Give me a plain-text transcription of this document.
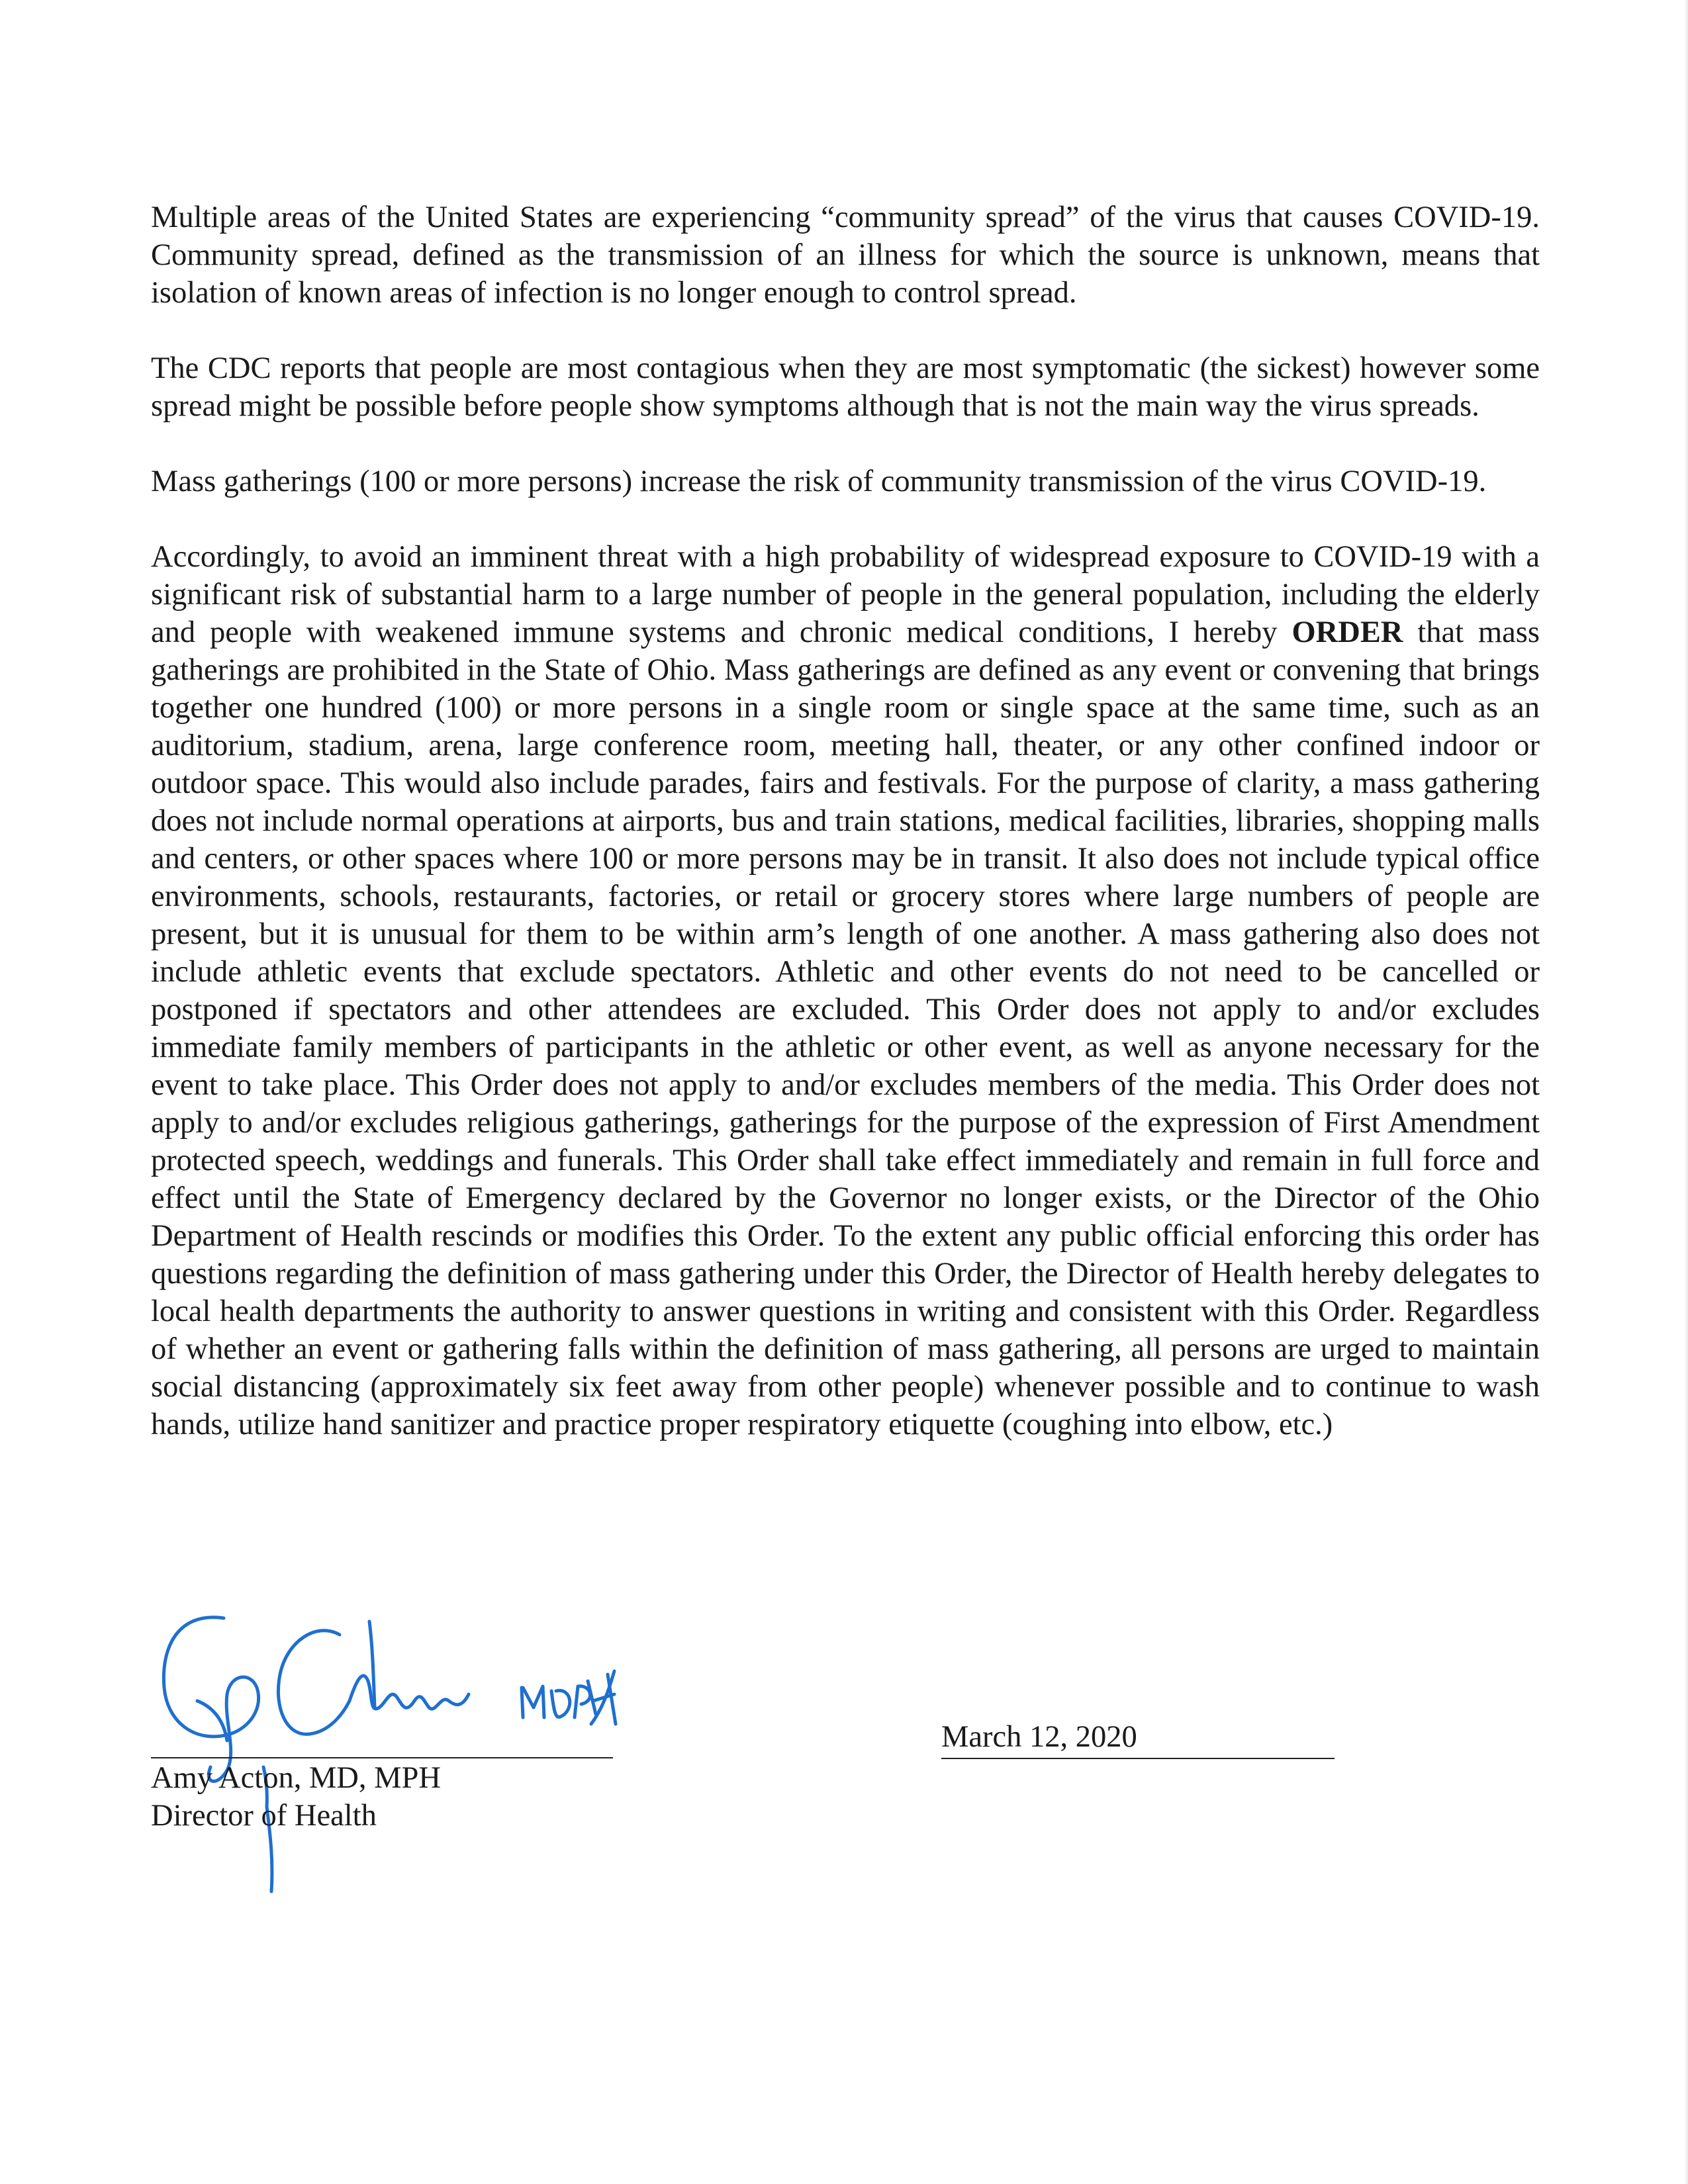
Multiple areas of the United States are experiencing “community spread” of the virus that causes COVID-19. Community spread, defined as the transmission of an illness for which the source is unknown, means that isolation of known areas of infection is no longer enough to control spread.

The CDC reports that people are most contagious when they are most symptomatic (the sickest) however some spread might be possible before people show symptoms although that is not the main way the virus spreads.

Mass gatherings (100 or more persons) increase the risk of community transmission of the virus COVID-19.

Accordingly, to avoid an imminent threat with a high probability of widespread exposure to COVID-19 with a significant risk of substantial harm to a large number of people in the general population, including the elderly and people with weakened immune systems and chronic medical conditions, I hereby ORDER that mass gatherings are prohibited in the State of Ohio. Mass gatherings are defined as any event or convening that brings together one hundred (100) or more persons in a single room or single space at the same time, such as an auditorium, stadium, arena, large conference room, meeting hall, theater, or any other confined indoor or outdoor space. This would also include parades, fairs and festivals. For the purpose of clarity, a mass gathering does not include normal operations at airports, bus and train stations, medical facilities, libraries, shopping malls and centers, or other spaces where 100 or more persons may be in transit. It also does not include typical office environments, schools, restaurants, factories, or retail or grocery stores where large numbers of people are present, but it is unusual for them to be within arm’s length of one another. A mass gathering also does not include athletic events that exclude spectators. Athletic and other events do not need to be cancelled or postponed if spectators and other attendees are excluded. This Order does not apply to and/or excludes immediate family members of participants in the athletic or other event, as well as anyone necessary for the event to take place. This Order does not apply to and/or excludes members of the media. This Order does not apply to and/or excludes religious gatherings, gatherings for the purpose of the expression of First Amendment protected speech, weddings and funerals. This Order shall take effect immediately and remain in full force and effect until the State of Emergency declared by the Governor no longer exists, or the Director of the Ohio Department of Health rescinds or modifies this Order. To the extent any public official enforcing this order has questions regarding the definition of mass gathering under this Order, the Director of Health hereby delegates to local health departments the authority to answer questions in writing and consistent with this Order. Regardless of whether an event or gathering falls within the definition of mass gathering, all persons are urged to maintain social distancing (approximately six feet away from other people) whenever possible and to continue to wash hands, utilize hand sanitizer and practice proper respiratory etiquette (coughing into elbow, etc.)

Amy Acton, MD, MPH
Director of Health
March 12, 2020
